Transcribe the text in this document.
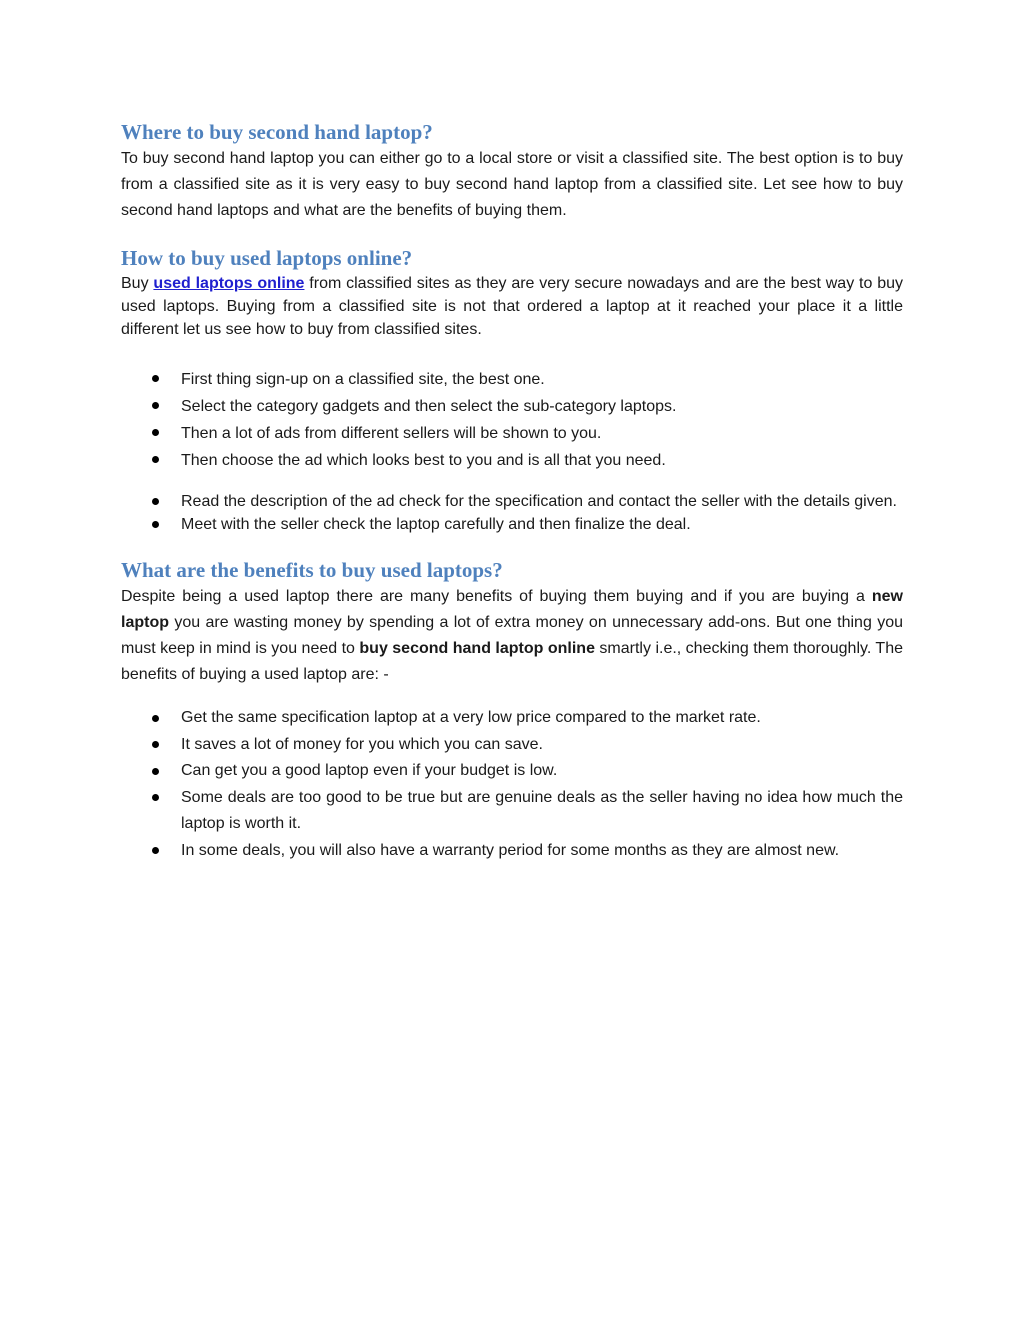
Where to buy second hand laptop?

To buy second hand laptop you can either go to a local store or visit a classified site. The best option is to buy from a classified site as it is very easy to buy second hand laptop from a classified site. Let see how to buy second hand laptops and what are the benefits of buying them.

How to buy used laptops online?

Buy used laptops online from classified sites as they are very secure nowadays and are the best way to buy used laptops. Buying from a classified site is not that ordered a laptop at it reached your place it a little different let us see how to buy from classified sites.

First thing sign-up on a classified site, the best one.
Select the category gadgets and then select the sub-category laptops.
Then a lot of ads from different sellers will be shown to you.
Then choose the ad which looks best to you and is all that you need.
Read the description of the ad check for the specification and contact the seller with the details given.
Meet with the seller check the laptop carefully and then finalize the deal.
What are the benefits to buy used laptops?

Despite being a used laptop there are many benefits of buying them buying and if you are buying a new laptop you are wasting money by spending a lot of extra money on unnecessary add-ons. But one thing you must keep in mind is you need to buy second hand laptop online smartly i.e., checking them thoroughly. The benefits of buying a used laptop are: -

Get the same specification laptop at a very low price compared to the market rate.
It saves a lot of money for you which you can save.
Can get you a good laptop even if your budget is low.
Some deals are too good to be true but are genuine deals as the seller having no idea how much the laptop is worth it.
In some deals, you will also have a warranty period for some months as they are almost new.
